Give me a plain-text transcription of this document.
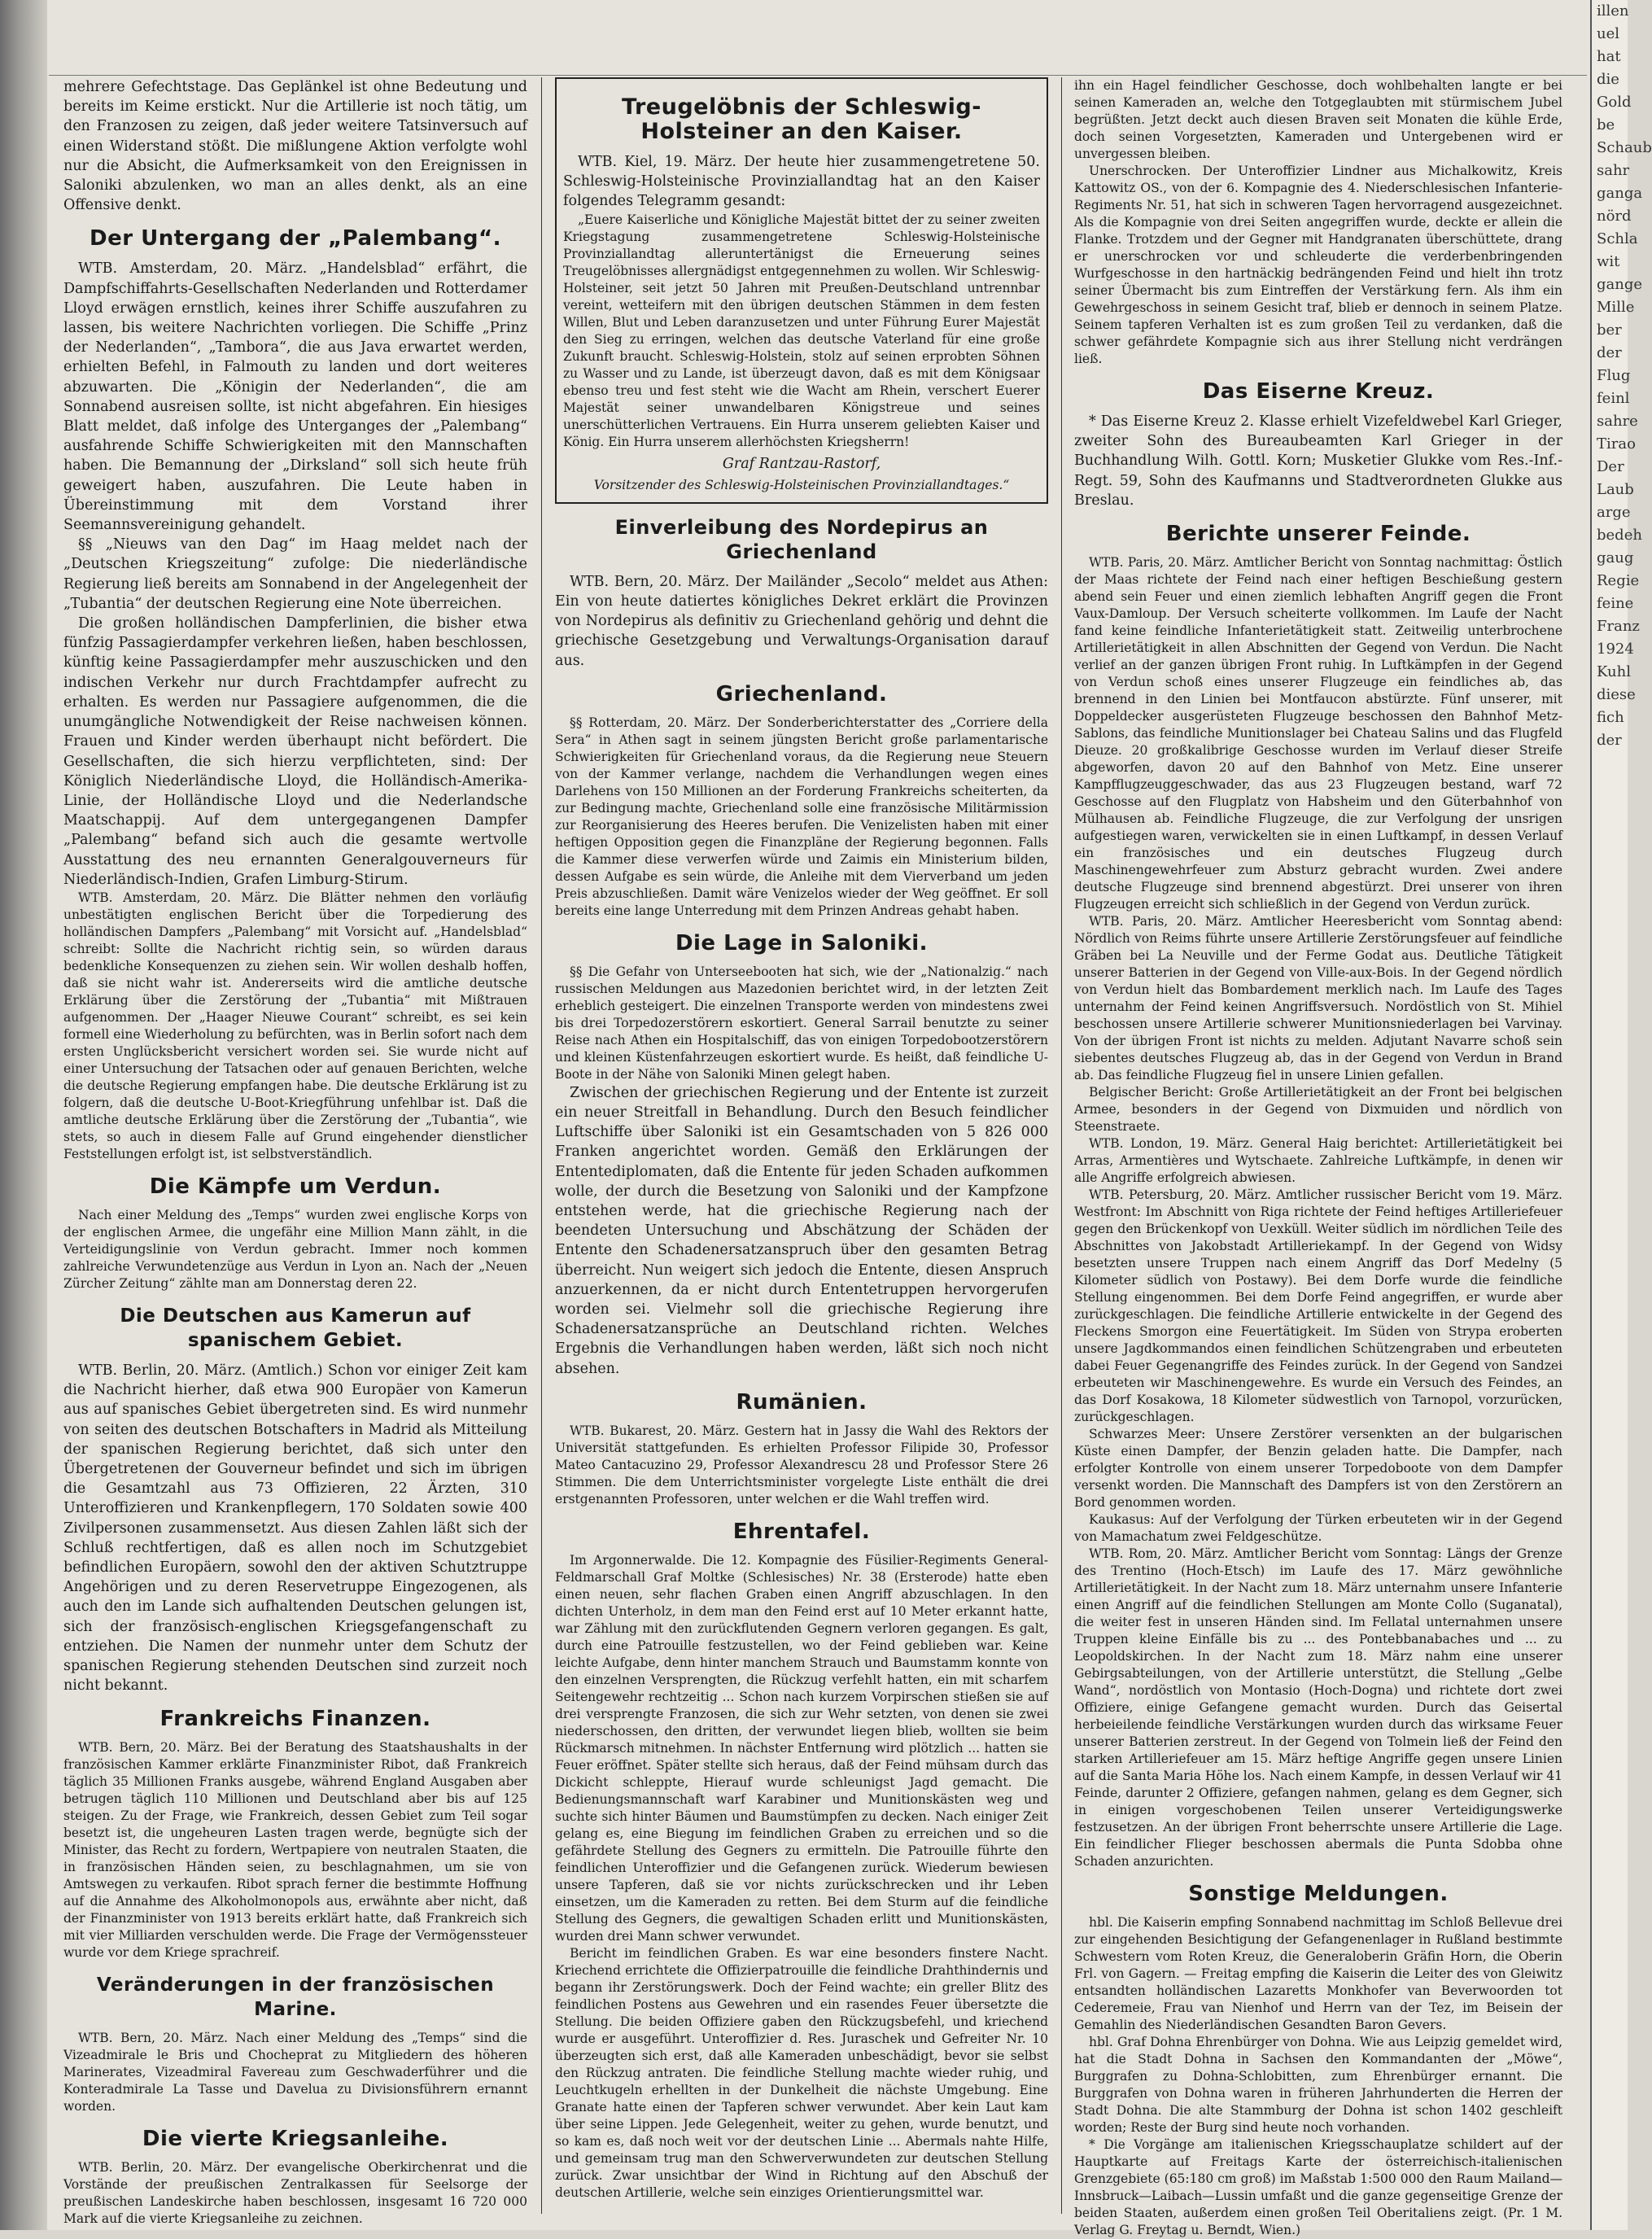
mehrere Gefechtstage. Das Geplänkel ist ohne Bedeutung und bereits im Keime erstickt. Nur die Artillerie ist noch tätig, um den Franzosen zu zeigen, daß jeder weitere Tatsinversuch auf einen Widerstand stößt. Die mißlungene Aktion verfolgte wohl nur die Absicht, die Aufmerksamkeit von den Ereignissen in Saloniki abzulenken, wo man an alles denkt, als an eine Offensive denkt.

Der Untergang der „Palembang“.

WTB. Amsterdam, 20. März. „Handelsblad“ erfährt, die Dampfschiffahrts-Gesellschaften Nederlanden und Rotterdamer Lloyd erwägen ernstlich, keines ihrer Schiffe auszufahren zu lassen, bis weitere Nachrichten vorliegen. Die Schiffe „Prinz der Nederlanden“, „Tambora“, die aus Java erwartet werden, erhielten Befehl, in Falmouth zu landen und dort weiteres abzuwarten. Die „Königin der Nederlanden“, die am Sonnabend ausreisen sollte, ist nicht abgefahren. Ein hiesiges Blatt meldet, daß infolge des Unterganges der „Palembang“ ausfahrende Schiffe Schwierigkeiten mit den Mannschaften haben. Die Bemannung der „Dirksland“ soll sich heute früh geweigert haben, auszufahren. Die Leute haben in Übereinstimmung mit dem Vorstand ihrer Seemannsvereinigung gehandelt.

§§ „Nieuws van den Dag“ im Haag meldet nach der „Deutschen Kriegszeitung“ zufolge: Die niederländische Regierung ließ bereits am Sonnabend in der Angelegenheit der „Tubantia“ der deutschen Regierung eine Note überreichen.

Die großen holländischen Dampferlinien, die bisher etwa fünfzig Passagierdampfer verkehren ließen, haben beschlossen, künftig keine Passagierdampfer mehr auszuschicken und den indischen Verkehr nur durch Frachtdampfer aufrecht zu erhalten. Es werden nur Passagiere aufgenommen, die die unumgängliche Notwendigkeit der Reise nachweisen können. Frauen und Kinder werden überhaupt nicht befördert. Die Gesellschaften, die sich hierzu verpflichteten, sind: Der Königlich Niederländische Lloyd, die Holländisch-Amerika-Linie, der Holländische Lloyd und die Nederlandsche Maatschappij. Auf dem untergegangenen Dampfer „Palembang“ befand sich auch die gesamte wertvolle Ausstattung des neu ernannten Generalgouverneurs für Niederländisch-Indien, Grafen Limburg-Stirum.

WTB. Amsterdam, 20. März. Die Blätter nehmen den vorläufig unbestätigten englischen Bericht über die Torpedierung des holländischen Dampfers „Palembang“ mit Vorsicht auf. „Handelsblad“ schreibt: Sollte die Nachricht richtig sein, so würden daraus bedenkliche Konsequenzen zu ziehen sein. Wir wollen deshalb hoffen, daß sie nicht wahr ist. Andererseits wird die amtliche deutsche Erklärung über die Zerstörung der „Tubantia“ mit Mißtrauen aufgenommen. Der „Haager Nieuwe Courant“ schreibt, es sei kein formell eine Wiederholung zu befürchten, was in Berlin sofort nach dem ersten Unglücksbericht versichert worden sei. Sie wurde nicht auf einer Untersuchung der Tatsachen oder auf genauen Berichten, welche die deutsche Regierung empfangen habe. Die deutsche Erklärung ist zu folgern, daß die deutsche U-Boot-Kriegführung unfehlbar ist. Daß die amtliche deutsche Erklärung über die Zerstörung der „Tubantia“, wie stets, so auch in diesem Falle auf Grund eingehender dienstlicher Feststellungen erfolgt ist, ist selbstverständlich.

Die Kämpfe um Verdun.

Nach einer Meldung des „Temps“ wurden zwei englische Korps von der englischen Armee, die ungefähr eine Million Mann zählt, in die Verteidigungslinie von Verdun gebracht. Immer noch kommen zahlreiche Verwundetenzüge aus Verdun in Lyon an. Nach der „Neuen Zürcher Zeitung“ zählte man am Donnerstag deren 22.

Die Deutschen aus Kamerun auf spanischem Gebiet.

WTB. Berlin, 20. März. (Amtlich.) Schon vor einiger Zeit kam die Nachricht hierher, daß etwa 900 Europäer von Kamerun aus auf spanisches Gebiet übergetreten sind. Es wird nunmehr von seiten des deutschen Botschafters in Madrid als Mitteilung der spanischen Regierung berichtet, daß sich unter den Übergetretenen der Gouverneur befindet und sich im übrigen die Gesamtzahl aus 73 Offizieren, 22 Ärzten, 310 Unteroffizieren und Krankenpflegern, 170 Soldaten sowie 400 Zivilpersonen zusammensetzt. Aus diesen Zahlen läßt sich der Schluß rechtfertigen, daß es allen noch im Schutzgebiet befindlichen Europäern, sowohl den der aktiven Schutztruppe Angehörigen und zu deren Reservetruppe Eingezogenen, als auch den im Lande sich aufhaltenden Deutschen gelungen ist, sich der französisch-englischen Kriegsgefangenschaft zu entziehen. Die Namen der nunmehr unter dem Schutz der spanischen Regierung stehenden Deutschen sind zurzeit noch nicht bekannt.

Frankreichs Finanzen.

WTB. Bern, 20. März. Bei der Beratung des Staatshaushalts in der französischen Kammer erklärte Finanzminister Ribot, daß Frankreich täglich 35 Millionen Franks ausgebe, während England Ausgaben aber betrugen täglich 110 Millionen und Deutschland aber bis auf 125 steigen. Zu der Frage, wie Frankreich, dessen Gebiet zum Teil sogar besetzt ist, die ungeheuren Lasten tragen werde, begnügte sich der Minister, das Recht zu fordern, Wertpapiere von neutralen Staaten, die in französischen Händen seien, zu beschlagnahmen, um sie von Amtswegen zu verkaufen. Ribot sprach ferner die bestimmte Hoffnung auf die Annahme des Alkoholmonopols aus, erwähnte aber nicht, daß der Finanzminister von 1913 bereits erklärt hatte, daß Frankreich sich mit vier Milliarden verschulden werde. Die Frage der Vermögenssteuer wurde vor dem Kriege sprachreif.

Veränderungen in der französischen Marine.

WTB. Bern, 20. März. Nach einer Meldung des „Temps“ sind die Vizeadmirale le Bris und Chocheprat zu Mitgliedern des höheren Marinerates, Vizeadmiral Favereau zum Geschwaderführer und die Konteradmirale La Tasse und Davelua zu Divisionsführern ernannt worden.

Die vierte Kriegsanleihe.

WTB. Berlin, 20. März. Der evangelische Oberkirchenrat und die Vorstände der preußischen Zentralkassen für Seelsorge der preußischen Landeskirche haben beschlossen, insgesamt 16 720 000 Mark auf die vierte Kriegsanleihe zu zeichnen.

Treugelöbnis der Schleswig-Holsteiner an den Kaiser.

WTB. Kiel, 19. März. Der heute hier zusammengetretene 50. Schleswig-Holsteinische Provinziallandtag hat an den Kaiser folgendes Telegramm gesandt:

„Euere Kaiserliche und Königliche Majestät bittet der zu seiner zweiten Kriegstagung zusammengetretene Schleswig-Holsteinische Provinziallandtag alleruntertänigst die Erneuerung seines Treugelöbnisses allergnädigst entgegennehmen zu wollen. Wir Schleswig-Holsteiner, seit jetzt 50 Jahren mit Preußen-Deutschland untrennbar vereint, wetteifern mit den übrigen deutschen Stämmen in dem festen Willen, Blut und Leben daranzusetzen und unter Führung Eurer Majestät den Sieg zu erringen, welchen das deutsche Vaterland für eine große Zukunft braucht. Schleswig-Holstein, stolz auf seinen erprobten Söhnen zu Wasser und zu Lande, ist überzeugt davon, daß es mit dem Königsaar ebenso treu und fest steht wie die Wacht am Rhein, verschert Euerer Majestät seiner unwandelbaren Königstreue und seines unerschütterlichen Vertrauens. Ein Hurra unserem geliebten Kaiser und König. Ein Hurra unserem allerhöchsten Kriegsherrn!

Graf Rantzau-Rastorf,

Vorsitzender des Schleswig-Holsteinischen Provinziallandtages.“

Einverleibung des Nordepirus an Griechenland

WTB. Bern, 20. März. Der Mailänder „Secolo“ meldet aus Athen: Ein von heute datiertes königliches Dekret erklärt die Provinzen von Nordepirus als definitiv zu Griechenland gehörig und dehnt die griechische Gesetzgebung und Verwaltungs-Organisation darauf aus.

Griechenland.

§§ Rotterdam, 20. März. Der Sonderberichterstatter des „Corriere della Sera“ in Athen sagt in seinem jüngsten Bericht große parlamentarische Schwierigkeiten für Griechenland voraus, da die Regierung neue Steuern von der Kammer verlange, nachdem die Verhandlungen wegen eines Darlehens von 150 Millionen an der Forderung Frankreichs scheiterten, da zur Bedingung machte, Griechenland solle eine französische Militärmission zur Reorganisierung des Heeres berufen. Die Venizelisten haben mit einer heftigen Opposition gegen die Finanzpläne der Regierung begonnen. Falls die Kammer diese verwerfen würde und Zaimis ein Ministerium bilden, dessen Aufgabe es sein würde, die Anleihe mit dem Vierverband um jeden Preis abzuschließen. Damit wäre Venizelos wieder der Weg geöffnet. Er soll bereits eine lange Unterredung mit dem Prinzen Andreas gehabt haben.

Die Lage in Saloniki.

§§ Die Gefahr von Unterseebooten hat sich, wie der „Nationalzig.“ nach russischen Meldungen aus Mazedonien berichtet wird, in der letzten Zeit erheblich gesteigert. Die einzelnen Transporte werden von mindestens zwei bis drei Torpedozerstörern eskortiert. General Sarrail benutzte zu seiner Reise nach Athen ein Hospitalschiff, das von einigen Torpedobootzerstörern und kleinen Küstenfahrzeugen eskortiert wurde. Es heißt, daß feindliche U-Boote in der Nähe von Saloniki Minen gelegt haben.

Zwischen der griechischen Regierung und der Entente ist zurzeit ein neuer Streitfall in Behandlung. Durch den Besuch feindlicher Luftschiffe über Saloniki ist ein Gesamtschaden von 5 826 000 Franken angerichtet worden. Gemäß den Erklärungen der Ententediplomaten, daß die Entente für jeden Schaden aufkommen wolle, der durch die Besetzung von Saloniki und der Kampfzone entstehen werde, hat die griechische Regierung nach der beendeten Untersuchung und Abschätzung der Schäden der Entente den Schadenersatzanspruch über den gesamten Betrag überreicht. Nun weigert sich jedoch die Entente, diesen Anspruch anzuerkennen, da er nicht durch Ententetruppen hervorgerufen worden sei. Vielmehr soll die griechische Regierung ihre Schadenersatzansprüche an Deutschland richten. Welches Ergebnis die Verhandlungen haben werden, läßt sich noch nicht absehen.

Rumänien.

WTB. Bukarest, 20. März. Gestern hat in Jassy die Wahl des Rektors der Universität stattgefunden. Es erhielten Professor Filipide 30, Professor Mateo Cantacuzino 29, Professor Alexandrescu 28 und Professor Stere 26 Stimmen. Die dem Unterrichtsminister vorgelegte Liste enthält die drei erstgenannten Professoren, unter welchen er die Wahl treffen wird.

Ehrentafel.

Im Argonnerwalde. Die 12. Kompagnie des Füsilier-Regiments General-Feldmarschall Graf Moltke (Schlesisches) Nr. 38 (Ersterode) hatte eben einen neuen, sehr flachen Graben einen Angriff abzuschlagen. In den dichten Unterholz, in dem man den Feind erst auf 10 Meter erkannt hatte, war Zählung mit den zurückflutenden Gegnern verloren gegangen. Es galt, durch eine Patrouille festzustellen, wo der Feind geblieben war. Keine leichte Aufgabe, denn hinter manchem Strauch und Baumstamm konnte von den einzelnen Versprengten, die Rückzug verfehlt hatten, ein mit scharfem Seitengewehr rechtzeitig ... Schon nach kurzem Vorpirschen stießen sie auf drei versprengte Franzosen, die sich zur Wehr setzten, von denen sie zwei niederschossen, den dritten, der verwundet liegen blieb, wollten sie beim Rückmarsch mitnehmen. In nächster Entfernung wird plötzlich ... hatten sie Feuer eröffnet. Später stellte sich heraus, daß der Feind mühsam durch das Dickicht schleppte, Hierauf wurde schleunigst Jagd gemacht. Die Bedienungsmannschaft warf Karabiner und Munitionskästen weg und suchte sich hinter Bäumen und Baumstümpfen zu decken. Nach einiger Zeit gelang es, eine Biegung im feindlichen Graben zu erreichen und so die gefährdete Stellung des Gegners zu ermitteln. Die Patrouille führte den feindlichen Unteroffizier und die Gefangenen zurück. Wiederum bewiesen unsere Tapferen, daß sie vor nichts zurückschrecken und ihr Leben einsetzen, um die Kameraden zu retten. Bei dem Sturm auf die feindliche Stellung des Gegners, die gewaltigen Schaden erlitt und Munitionskästen, wurden drei Mann schwer verwundet.

Bericht im feindlichen Graben. Es war eine besonders finstere Nacht. Kriechend errichtete die Offizierpatrouille die feindliche Drahthindernis und begann ihr Zerstörungswerk. Doch der Feind wachte; ein greller Blitz des feindlichen Postens aus Gewehren und ein rasendes Feuer übersetzte die Stellung. Die beiden Offiziere gaben den Rückzugsbefehl, und kriechend wurde er ausgeführt. Unteroffizier d. Res. Juraschek und Gefreiter Nr. 10 überzeugten sich erst, daß alle Kameraden unbeschädigt, bevor sie selbst den Rückzug antraten. Die feindliche Stellung machte wieder ruhig, und Leuchtkugeln erhellten in der Dunkelheit die nächste Umgebung. Eine Granate hatte einen der Tapferen schwer verwundet. Aber kein Laut kam über seine Lippen. Jede Gelegenheit, weiter zu gehen, wurde benutzt, und so kam es, daß noch weit vor der deutschen Linie ... Abermals nahte Hilfe, und gemeinsam trug man den Schwerverwundeten zur deutschen Stellung zurück. Zwar unsichtbar der Wind in Richtung auf den Abschuß der deutschen Artillerie, welche sein einziges Orientierungsmittel war.

ihn ein Hagel feindlicher Geschosse, doch wohlbehalten langte er bei seinen Kameraden an, welche den Totgeglaubten mit stürmischem Jubel begrüßten. Jetzt deckt auch diesen Braven seit Monaten die kühle Erde, doch seinen Vorgesetzten, Kameraden und Untergebenen wird er unvergessen bleiben.

Unerschrocken. Der Unteroffizier Lindner aus Michalkowitz, Kreis Kattowitz OS., von der 6. Kompagnie des 4. Niederschlesischen Infanterie-Regiments Nr. 51, hat sich in schweren Tagen hervorragend ausgezeichnet. Als die Kompagnie von drei Seiten angegriffen wurde, deckte er allein die Flanke. Trotzdem und der Gegner mit Handgranaten überschüttete, drang er unerschrocken vor und schleuderte die verderbenbringenden Wurfgeschosse in den hartnäckig bedrängenden Feind und hielt ihn trotz seiner Übermacht bis zum Eintreffen der Verstärkung fern. Als ihm ein Gewehrgeschoss in seinem Gesicht traf, blieb er dennoch in seinem Platze. Seinem tapferen Verhalten ist es zum großen Teil zu verdanken, daß die schwer gefährdete Kompagnie sich aus ihrer Stellung nicht verdrängen ließ.

Das Eiserne Kreuz.

* Das Eiserne Kreuz 2. Klasse erhielt Vizefeldwebel Karl Grieger, zweiter Sohn des Bureaubeamten Karl Grieger in der Buchhandlung Wilh. Gottl. Korn; Musketier Glukke vom Res.-Inf.-Regt. 59, Sohn des Kaufmanns und Stadtverordneten Glukke aus Breslau.

Berichte unserer Feinde.

WTB. Paris, 20. März. Amtlicher Bericht von Sonntag nachmittag: Östlich der Maas richtete der Feind nach einer heftigen Beschießung gestern abend sein Feuer und einen ziemlich lebhaften Angriff gegen die Front Vaux-Damloup. Der Versuch scheiterte vollkommen. Im Laufe der Nacht fand keine feindliche Infanterietätigkeit statt. Zeitweilig unterbrochene Artillerietätigkeit in allen Abschnitten der Gegend von Verdun. Die Nacht verlief an der ganzen übrigen Front ruhig. In Luftkämpfen in der Gegend von Verdun schoß eines unserer Flugzeuge ein feindliches ab, das brennend in den Linien bei Montfaucon abstürzte. Fünf unserer, mit Doppeldecker ausgerüsteten Flugzeuge beschossen den Bahnhof Metz-Sablons, das feindliche Munitionslager bei Chateau Salins und das Flugfeld Dieuze. 20 großkalibrige Geschosse wurden im Verlauf dieser Streife abgeworfen, davon 20 auf den Bahnhof von Metz. Eine unserer Kampfflugzeuggeschwader, das aus 23 Flugzeugen bestand, warf 72 Geschosse auf den Flugplatz von Habsheim und den Güterbahnhof von Mülhausen ab. Feindliche Flugzeuge, die zur Verfolgung der unsrigen aufgestiegen waren, verwickelten sie in einen Luftkampf, in dessen Verlauf ein französisches und ein deutsches Flugzeug durch Maschinengewehrfeuer zum Absturz gebracht wurden. Zwei andere deutsche Flugzeuge sind brennend abgestürzt. Drei unserer von ihren Flugzeugen erreicht sich schließlich in der Gegend von Verdun zurück.

WTB. Paris, 20. März. Amtlicher Heeresbericht vom Sonntag abend: Nördlich von Reims führte unsere Artillerie Zerstörungsfeuer auf feindliche Gräben bei La Neuville und der Ferme Godat aus. Deutliche Tätigkeit unserer Batterien in der Gegend von Ville-aux-Bois. In der Gegend nördlich von Verdun hielt das Bombardement merklich nach. Im Laufe des Tages unternahm der Feind keinen Angriffsversuch. Nordöstlich von St. Mihiel beschossen unsere Artillerie schwerer Munitionsniederlagen bei Varvinay. Von der übrigen Front ist nichts zu melden. Adjutant Navarre schoß sein siebentes deutsches Flugzeug ab, das in der Gegend von Verdun in Brand ab. Das feindliche Flugzeug fiel in unsere Linien gefallen.

Belgischer Bericht: Große Artillerietätigkeit an der Front bei belgischen Armee, besonders in der Gegend von Dixmuiden und nördlich von Steenstraete.

WTB. London, 19. März. General Haig berichtet: Artillerietätigkeit bei Arras, Armentières und Wytschaete. Zahlreiche Luftkämpfe, in denen wir alle Angriffe erfolgreich abwiesen.

WTB. Petersburg, 20. März. Amtlicher russischer Bericht vom 19. März. Westfront: Im Abschnitt von Riga richtete der Feind heftiges Artilleriefeuer gegen den Brückenkopf von Uexküll. Weiter südlich im nördlichen Teile des Abschnittes von Jakobstadt Artilleriekampf. In der Gegend von Widsy besetzten unsere Truppen nach einem Angriff das Dorf Medelny (5 Kilometer südlich von Postawy). Bei dem Dorfe wurde die feindliche Stellung eingenommen. Bei dem Dorfe Feind angegriffen, er wurde aber zurückgeschlagen. Die feindliche Artillerie entwickelte in der Gegend des Fleckens Smorgon eine Feuertätigkeit. Im Süden von Strypa eroberten unsere Jagdkommandos einen feindlichen Schützengraben und erbeuteten dabei Feuer Gegenangriffe des Feindes zurück. In der Gegend von Sandzei erbeuteten wir Maschinengewehre. Es wurde ein Versuch des Feindes, an das Dorf Kosakowa, 18 Kilometer südwestlich von Tarnopol, vorzurücken, zurückgeschlagen.

Schwarzes Meer: Unsere Zerstörer versenkten an der bulgarischen Küste einen Dampfer, der Benzin geladen hatte. Die Dampfer, nach erfolgter Kontrolle von einem unserer Torpedoboote von dem Dampfer versenkt worden. Die Mannschaft des Dampfers ist von den Zerstörern an Bord genommen worden.

Kaukasus: Auf der Verfolgung der Türken erbeuteten wir in der Gegend von Mamachatum zwei Feldgeschütze.

WTB. Rom, 20. März. Amtlicher Bericht vom Sonntag: Längs der Grenze des Trentino (Hoch-Etsch) im Laufe des 17. März gewöhnliche Artillerietätigkeit. In der Nacht zum 18. März unternahm unsere Infanterie einen Angriff auf die feindlichen Stellungen am Monte Collo (Suganatal), die weiter fest in unseren Händen sind. Im Fellatal unternahmen unsere Truppen kleine Einfälle bis zu ... des Pontebbanabaches und ... zu Leopoldskirchen. In der Nacht zum 18. März nahm eine unserer Gebirgsabteilungen, von der Artillerie unterstützt, die Stellung „Gelbe Wand“, nordöstlich von Montasio (Hoch-Dogna) und richtete dort zwei Offiziere, einige Gefangene gemacht wurden. Durch das Geisertal herbeieilende feindliche Verstärkungen wurden durch das wirksame Feuer unserer Batterien zerstreut. In der Gegend von Tolmein ließ der Feind den starken Artilleriefeuer am 15. März heftige Angriffe gegen unsere Linien auf die Santa Maria Höhe los. Nach einem Kampfe, in dessen Verlauf wir 41 Feinde, darunter 2 Offiziere, gefangen nahmen, gelang es dem Gegner, sich in einigen vorgeschobenen Teilen unserer Verteidigungswerke festzusetzen. An der übrigen Front beherrschte unsere Artillerie die Lage. Ein feindlicher Flieger beschossen abermals die Punta Sdobba ohne Schaden anzurichten.

Sonstige Meldungen.

hbl. Die Kaiserin empfing Sonnabend nachmittag im Schloß Bellevue drei zur eingehenden Besichtigung der Gefangenenlager in Rußland bestimmte Schwestern vom Roten Kreuz, die Generaloberin Gräfin Horn, die Oberin Frl. von Gagern. — Freitag empfing die Kaiserin die Leiter des von Gleiwitz entsandten holländischen Lazaretts Monkhofer van Beverwoorden tot Cederemeie, Frau van Nienhof und Herrn van der Tez, im Beisein der Gemahlin des Niederländischen Gesandten Baron Gevers.

hbl. Graf Dohna Ehrenbürger von Dohna. Wie aus Leipzig gemeldet wird, hat die Stadt Dohna in Sachsen den Kommandanten der „Möwe“, Burggrafen zu Dohna-Schlobitten, zum Ehrenbürger ernannt. Die Burggrafen von Dohna waren in früheren Jahrhunderten die Herren der Stadt Dohna. Die alte Stammburg der Dohna ist schon 1402 geschleift worden; Reste der Burg sind heute noch vorhanden.

* Die Vorgänge am italienischen Kriegsschauplatze schildert auf der Hauptkarte auf Freitags Karte der österreichisch-italienischen Grenzgebiete (65:180 cm groß) im Maßstab 1:500 000 den Raum Mailand—Innsbruck—Laibach—Lussin umfaßt und die ganze gegenseitige Grenze der beiden Staaten, außerdem einen großen Teil Oberitaliens zeigt. (Pr. 1 M. Verlag G. Freytag u. Berndt, Wien.)

illen
uel
hat
die
Gold
be
Schaub
sahr
ganga
nörd
Schla
wit
gange
Mille
ber
der
Flug
feinl
sahre
Tirao
Der
Laub
arge
bedeh
gaug
Regie
feine
Franz
1924
Kuhl
diese
fich
der
